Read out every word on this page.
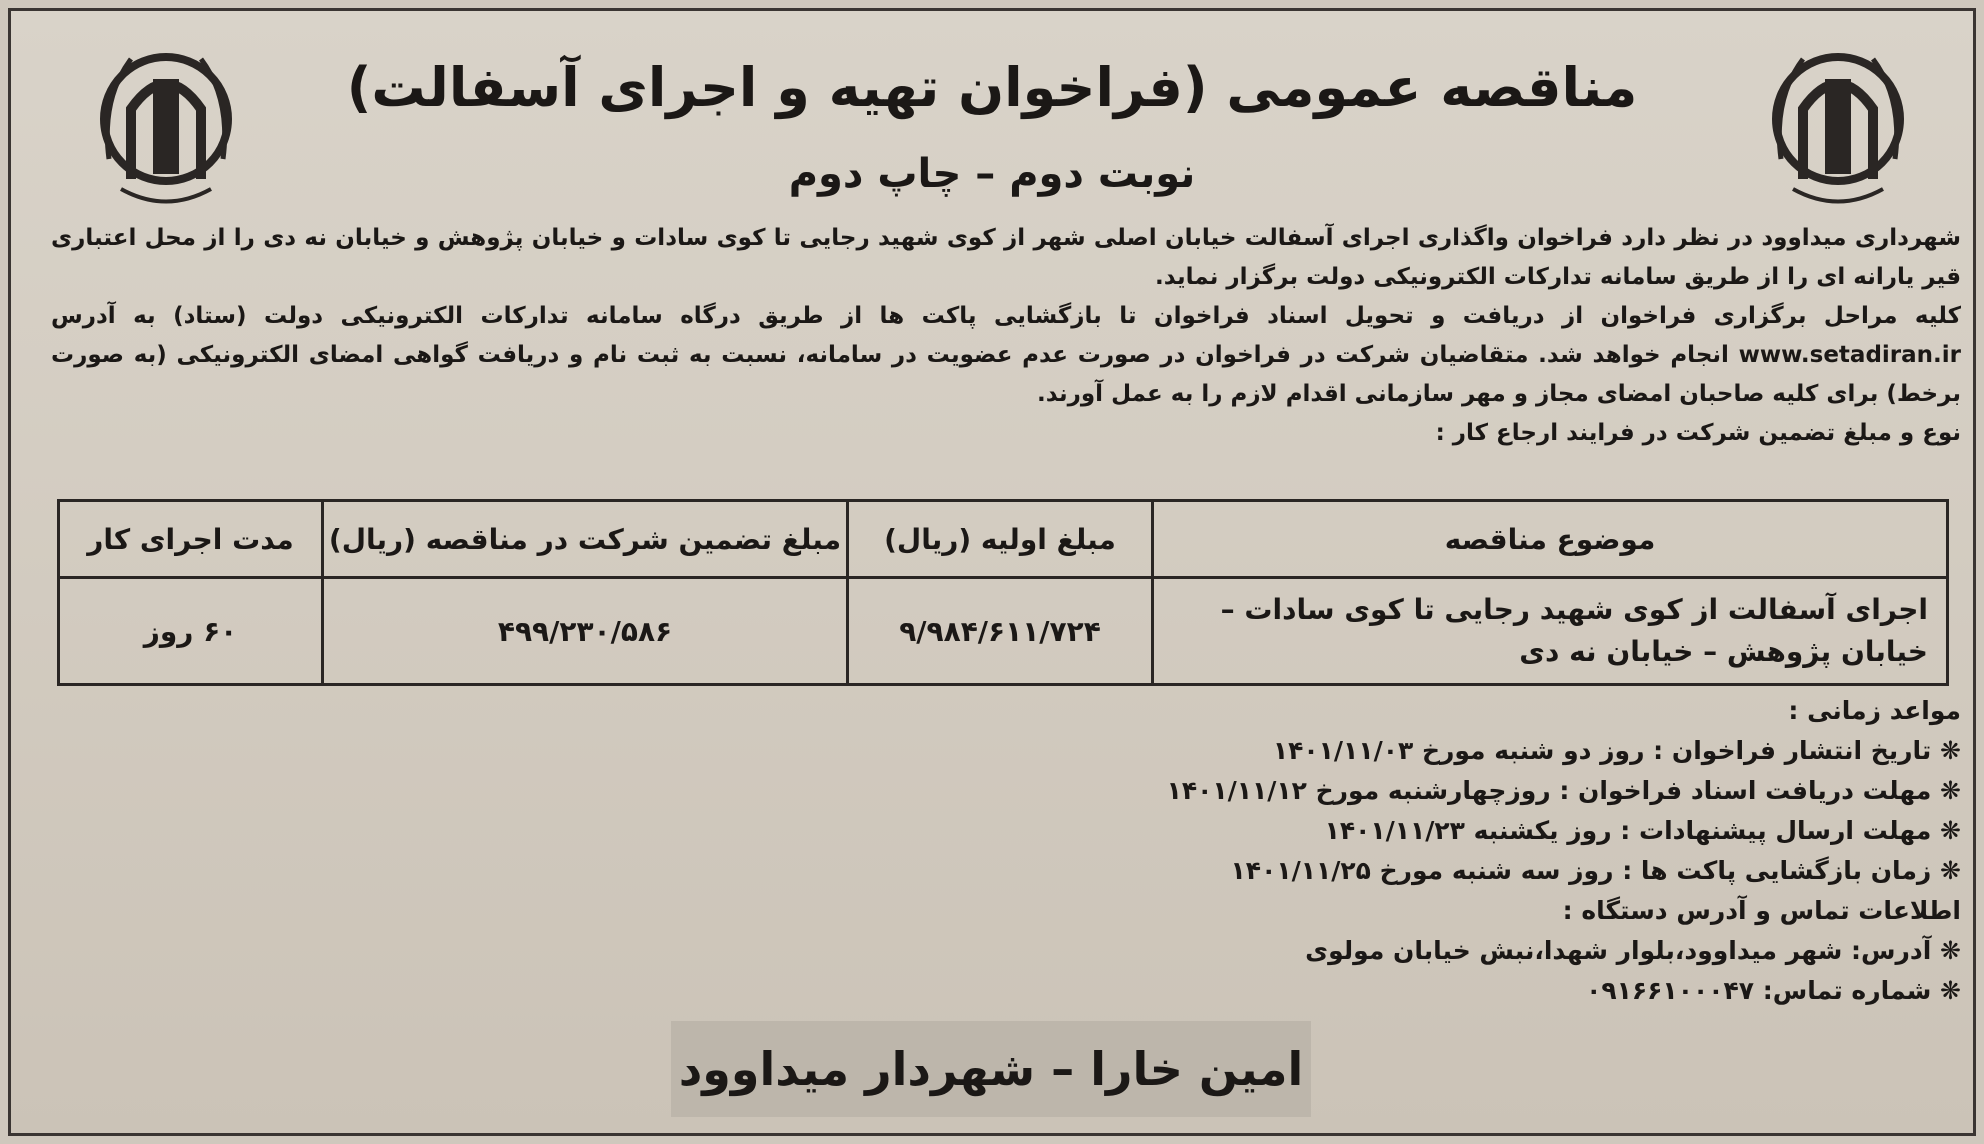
مناقصه عمومی (فراخوان تهیه و اجرای آسفالت)
نوبت دوم – چاپ دوم

شهرداری میداوود در نظر دارد فراخوان واگذاری اجرای آسفالت خیابان اصلی شهر از کوی شهید رجایی تا کوی سادات و خیابان پژوهش و خیابان نه دی را از محل اعتباری قیر یارانه ای را از طریق سامانه تدارکات الکترونیکی دولت برگزار نماید.

کلیه مراحل برگزاری فراخوان از دریافت و تحویل اسناد فراخوان تا بازگشایی پاکت ها از طریق درگاه سامانه تدارکات الکترونیکی دولت (ستاد) به آدرس www.setadiran.ir انجام خواهد شد. متقاضیان شرکت در فراخوان در صورت عدم عضویت در سامانه، نسبت به ثبت نام و دریافت گواهی امضای الکترونیکی (به صورت برخط) برای کلیه صاحبان امضای مجاز و مهر سازمانی اقدام لازم را به عمل آورند.

نوع و مبلغ تضمین شرکت در فرایند ارجاع کار :

موضوع مناقصه	مبلغ اولیه (ریال)	مبلغ تضمین شرکت در مناقصه (ریال)	مدت اجرای کار
اجرای آسفالت از کوی شهید رجایی تا کوی سادات – خیابان پژوهش – خیابان نه دی	۹/۹۸۴/۶۱۱/۷۲۴	۴۹۹/۲۳۰/۵۸۶	۶۰ روز
مواعد زمانی :
❋ تاریخ انتشار فراخوان : روز دو شنبه مورخ ۱۴۰۱/۱۱/۰۳
❋ مهلت دریافت اسناد فراخوان : روزچهارشنبه مورخ ۱۴۰۱/۱۱/۱۲
❋ مهلت ارسال پیشنهادات : روز یکشنبه ۱۴۰۱/۱۱/۲۳
❋ زمان بازگشایی پاکت ها : روز سه شنبه مورخ ۱۴۰۱/۱۱/۲۵
اطلاعات تماس و آدرس دستگاه :
❋ آدرس: شهر میداوود،بلوار شهدا،نبش خیابان مولوی
❋ شماره تماس: ۰۹۱۶۶۱۰۰۰۴۷
امین خارا – شهردار میداوود
